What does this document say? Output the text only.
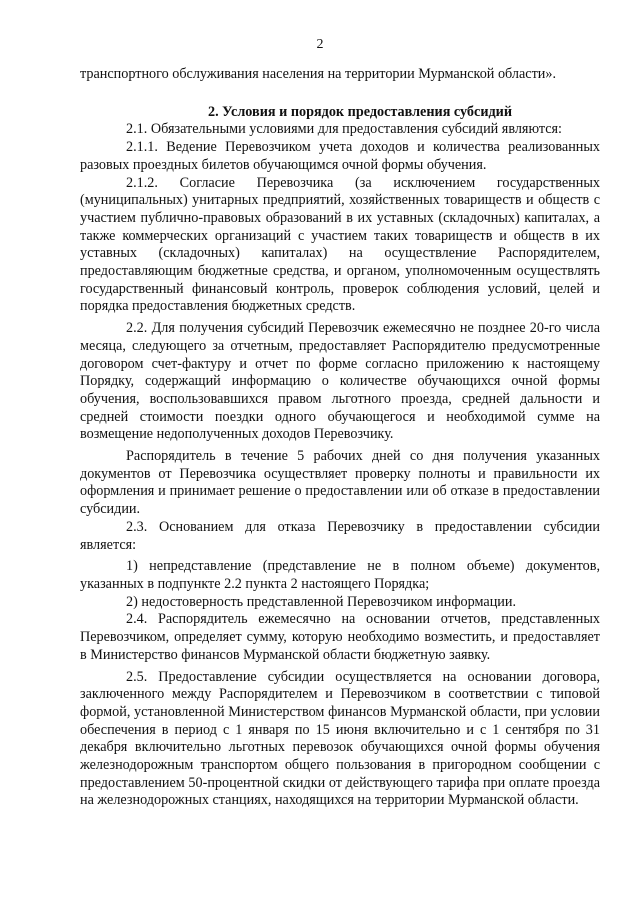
2

транспортного обслуживания населения на территории Мурманской области».

2. Условия и порядок предоставления субсидий

2.1. Обязательными условиями для предоставления субсидий являются:

2.1.1. Ведение Перевозчиком учета доходов и количества реализованных разовых проездных билетов обучающимся очной формы обучения.

2.1.2. Согласие Перевозчика (за исключением государственных (муниципальных) унитарных предприятий, хозяйственных товариществ и обществ с участием публично-правовых образований в их уставных (складочных) капиталах, а также коммерческих организаций с участием таких товариществ и обществ в их уставных (складочных) капиталах) на осуществление Распорядителем, предоставляющим бюджетные средства, и органом, уполномоченным осуществлять государственный финансовый контроль, проверок соблюдения условий, целей и порядка предоставления бюджетных средств.

2.2. Для получения субсидий Перевозчик ежемесячно не позднее 20-го числа месяца, следующего за отчетным, предоставляет Распорядителю предусмотренные договором счет-фактуру и отчет по форме согласно приложению к настоящему Порядку, содержащий информацию о количестве обучающихся очной формы обучения, воспользовавшихся правом льготного проезда, средней дальности и средней стоимости поездки одного обучающегося и необходимой сумме на возмещение недополученных доходов Перевозчику.

Распорядитель в течение 5 рабочих дней со дня получения указанных документов от Перевозчика осуществляет проверку полноты и правильности их оформления и принимает решение о предоставлении или об отказе в предоставлении субсидии.

2.3. Основанием для отказа Перевозчику в предоставлении субсидии является:

1) непредставление (представление не в полном объеме) документов, указанных в подпункте 2.2 пункта 2 настоящего Порядка;

2) недостоверность представленной Перевозчиком информации.

2.4. Распорядитель ежемесячно на основании отчетов, представленных Перевозчиком, определяет сумму, которую необходимо возместить, и предоставляет в Министерство финансов Мурманской области бюджетную заявку.

2.5. Предоставление субсидии осуществляется на основании договора, заключенного между Распорядителем и Перевозчиком в соответствии с типовой формой, установленной Министерством финансов Мурманской области, при условии обеспечения в период с 1 января по 15 июня включительно и с 1 сентября по 31 декабря включительно льготных перевозок обучающихся очной формы обучения железнодорожным транспортом общего пользования в пригородном сообщении с предоставлением 50-процентной скидки от действующего тарифа при оплате проезда на железнодорожных станциях, находящихся на территории Мурманской области.
